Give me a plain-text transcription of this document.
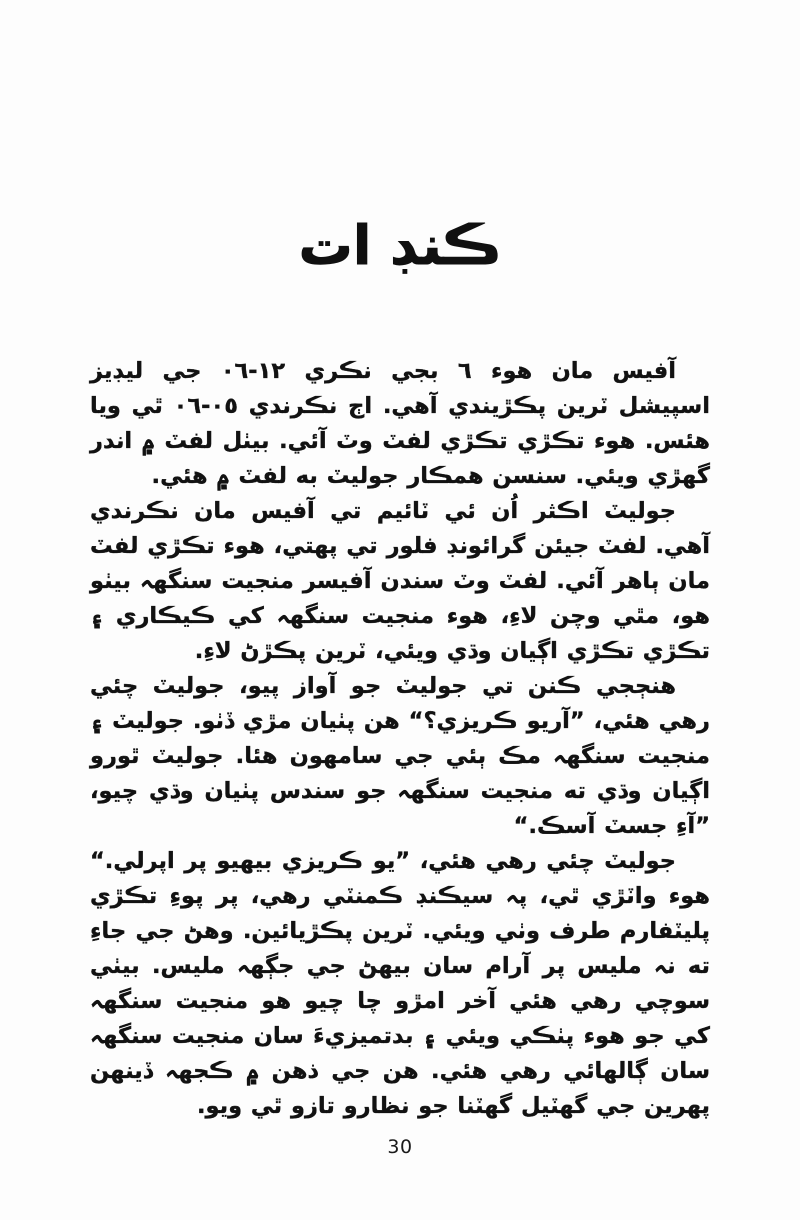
ڪنڊ ات

آفيس مان هوء ٦ بجي نڪري ١٢-٠٦ جي ليڊيز اسپيشل ٽرين پڪڙيندي آهي. اڄ نڪرندي ٠٥-٠٦ ٿي ويا هئس. هوء تڪڙي تڪڙي لفٽ وٽ آئي. بيٺل لفٽ ۾ اندر گهڙي ويئي. سنسن همڪار جوليٽ به لفٽ ۾ هئي.

جوليٽ اڪثر اُن ئي ٽائيم تي آفيس مان نڪرندي آهي. لفٽ جيئن گرائونڊ فلور تي پهتي، هوء تڪڙي لفٽ مان ٻاهر آئي. لفٽ وٽ سندن آفيسر منجيت سنگهہ بيٺو هو، مٿي وچن لاءِ، هوء منجيت سنگهہ کي ڪيڪاري ۽ تڪڙي تڪڙي اڳيان وڌي ويئي، ٽرين پڪڙڻ لاءِ.

هنڄجي ڪنن تي جوليٽ جو آواز پيو، جوليٽ چئي رهي هئي، ”آريو ڪريزي؟“ هن پٺيان مڙي ڏٺو. جوليٽ ۽ منجيت سنگهہ مڪ ٻئي جي سامهون هئا. جوليٽ ٿورو اڳيان وڌي ته منجيت سنگهہ جو سندس پٺيان وڌي چيو، ”آءِ جسٽ آسڪ.“

جوليٽ چئي رهي هئي، ”يو ڪريزي بيهيو پر اپرلي.“ هوء واٽڙي ٿي، پہ سيڪنڊ ڪمنٽي رهي، پر پوءِ تڪڙي پليٽفارم طرف وٺي ويئي. ٽرين پڪڙيائين. وهڻ جي جاءِ ته نہ مليس پر آرام سان بيهڻ جي جڳهہ مليس. بيٺي سوچي رهي هئي آخر امڙو چا چيو هو منجيت سنگهہ کي جو هوء پٺڪي ويئي ۽ بدتميزيءَ سان منجيت سنگهہ سان ڳالهائي رهي هئي. هن جي ذهن ۾ ڪجهہ ڏينهن پهرين جي گهٽيل گهٽنا جو نظارو تازو ٿي ويو.

30
